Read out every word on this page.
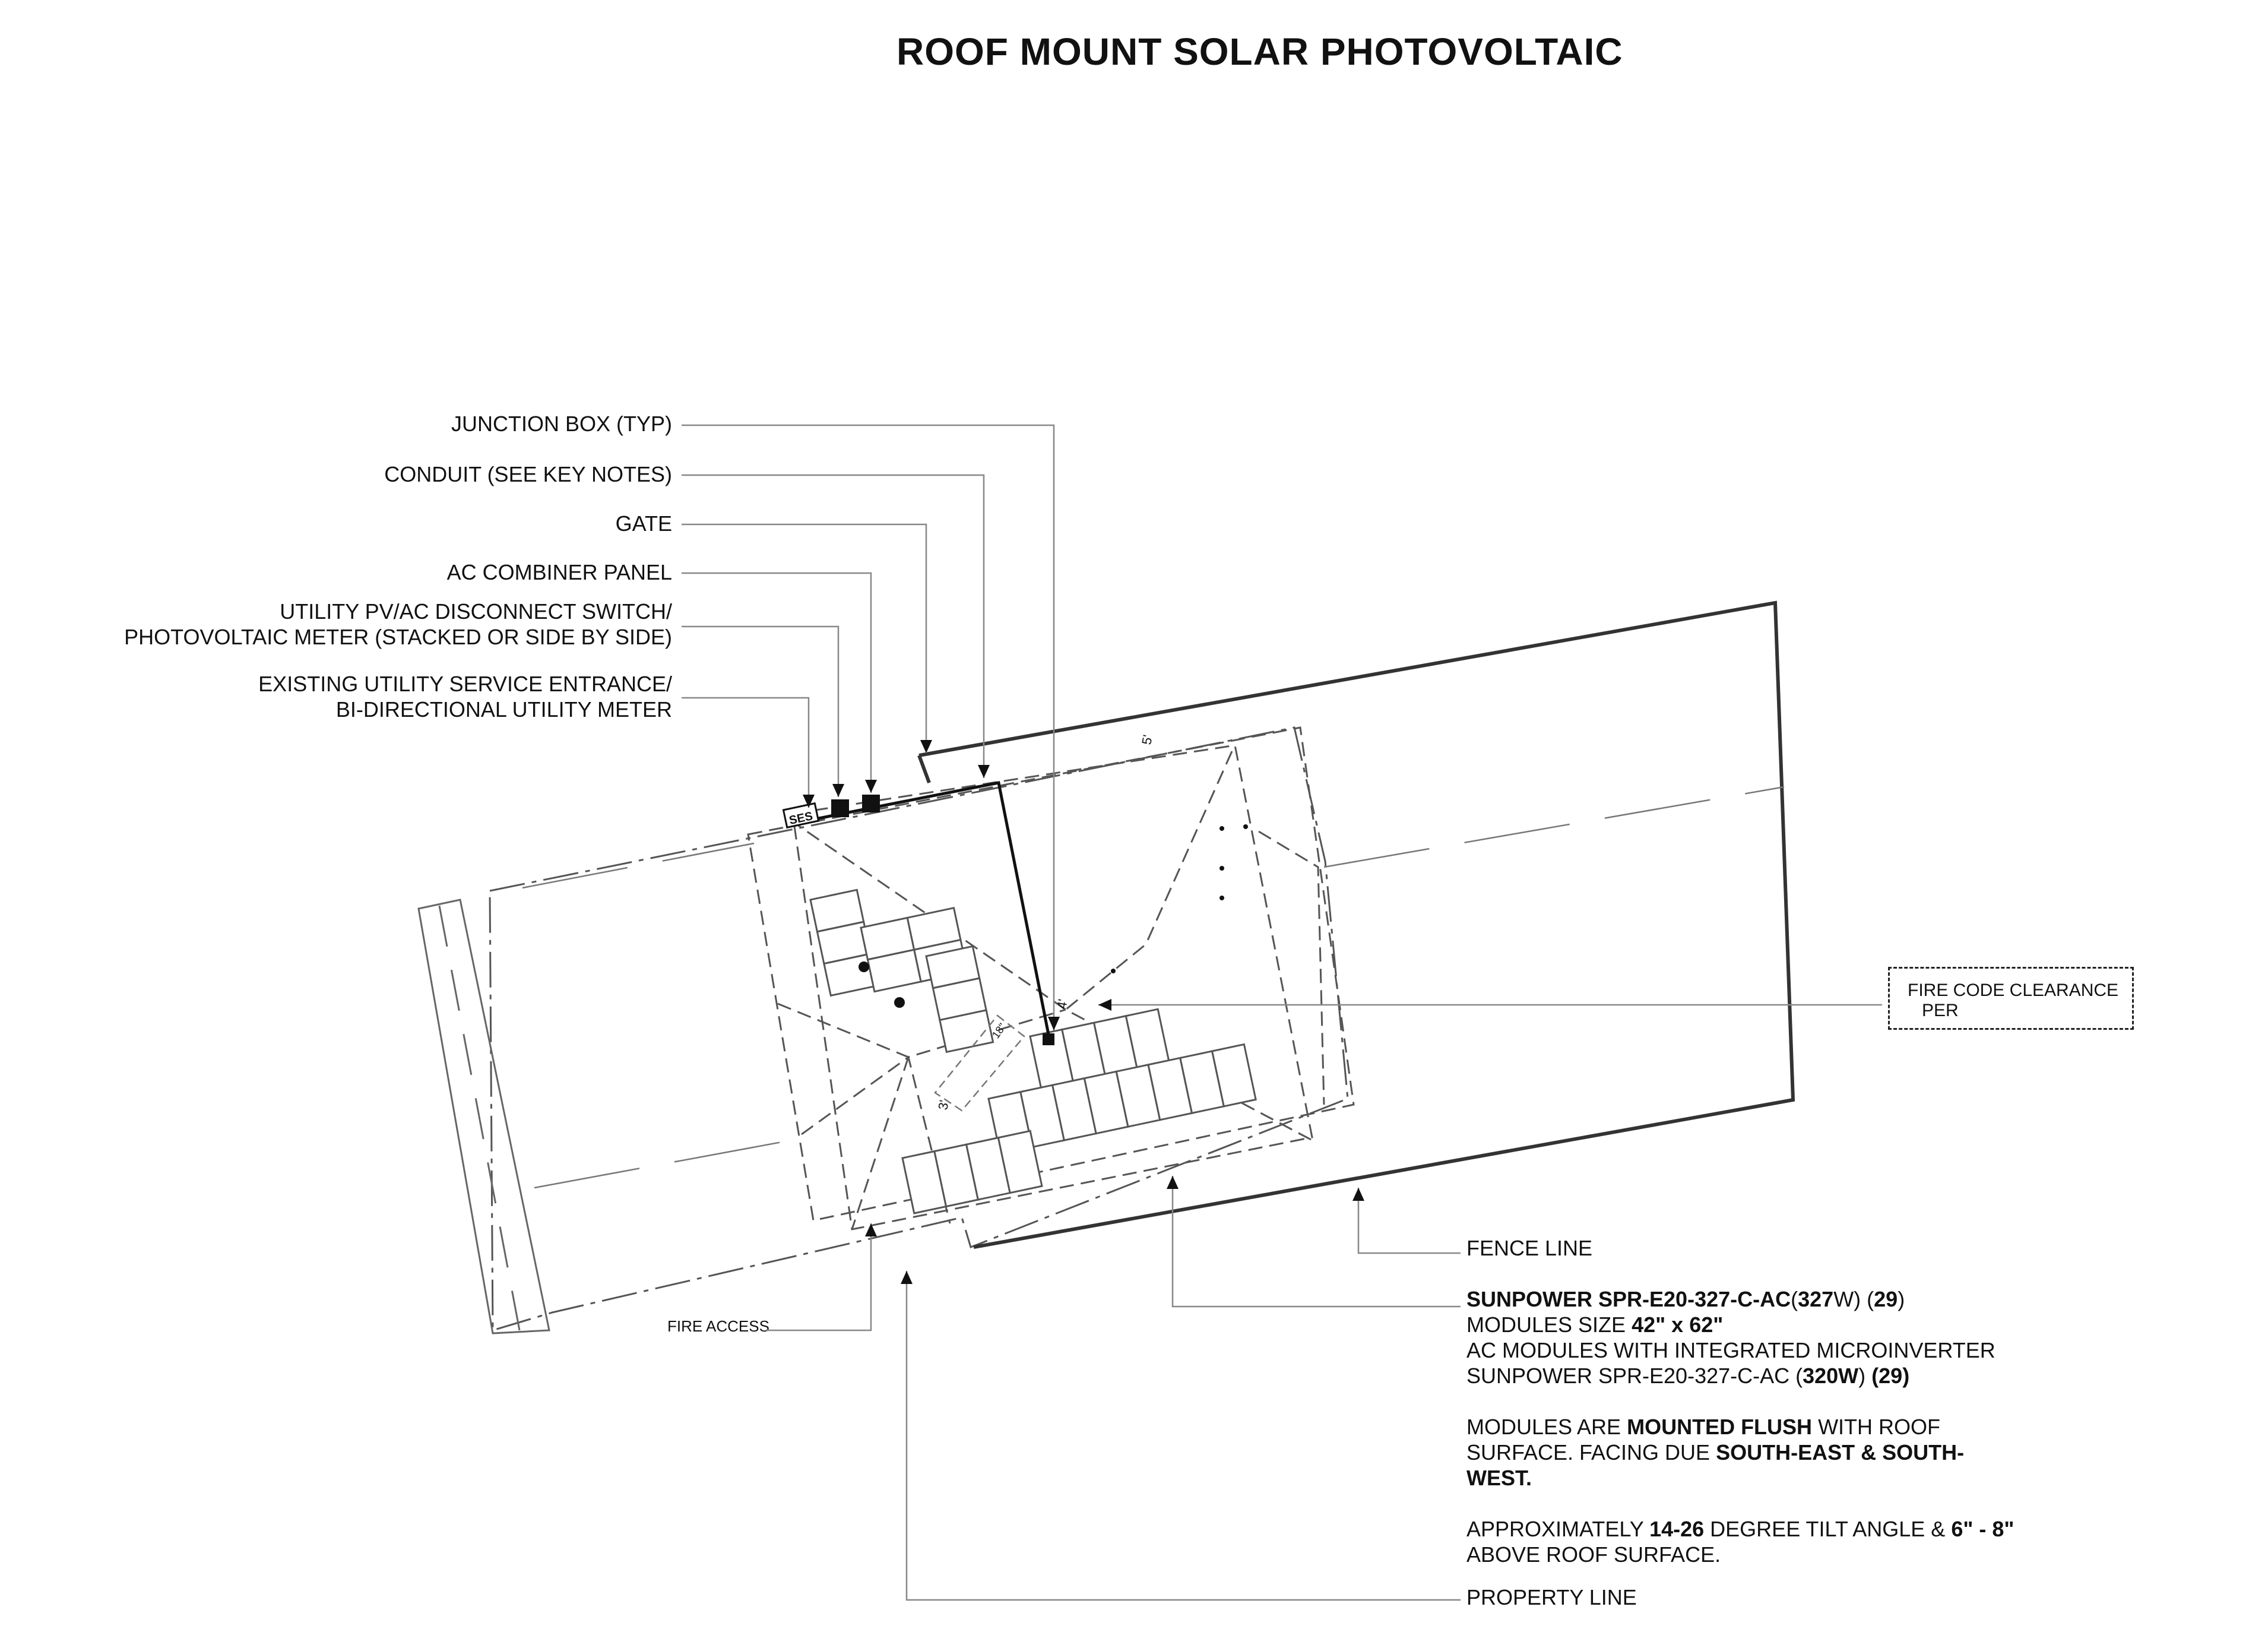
ROOF MOUNT SOLAR PHOTOVOLTAIC
JUNCTION BOX (TYP)
CONDUIT (SEE KEY NOTES)
GATE
AC COMBINER PANEL
UTILITY PV/AC DISCONNECT SWITCH/
PHOTOVOLTAIC METER (STACKED OR SIDE BY SIDE)
EXISTING UTILITY SERVICE ENTRANCE/
BI-DIRECTIONAL UTILITY METER
FIRE ACCESS
FENCE LINE
PROPERTY LINE
SUNPOWER SPR-E20-327-C-AC(327W) (29)
MODULES SIZE 42" x 62"
AC MODULES WITH INTEGRATED MICROINVERTER
SUNPOWER SPR-E20-327-C-AC (320W) (29)
MODULES ARE MOUNTED FLUSH WITH ROOF
SURFACE. FACING DUE SOUTH-EAST & SOUTH-
WEST.
APPROXIMATELY 14-26 DEGREE TILT ANGLE & 6" - 8"
ABOVE ROOF SURFACE.
FIRE CODE CLEARANCE
PER
SES
5'
3'
4'
18"
